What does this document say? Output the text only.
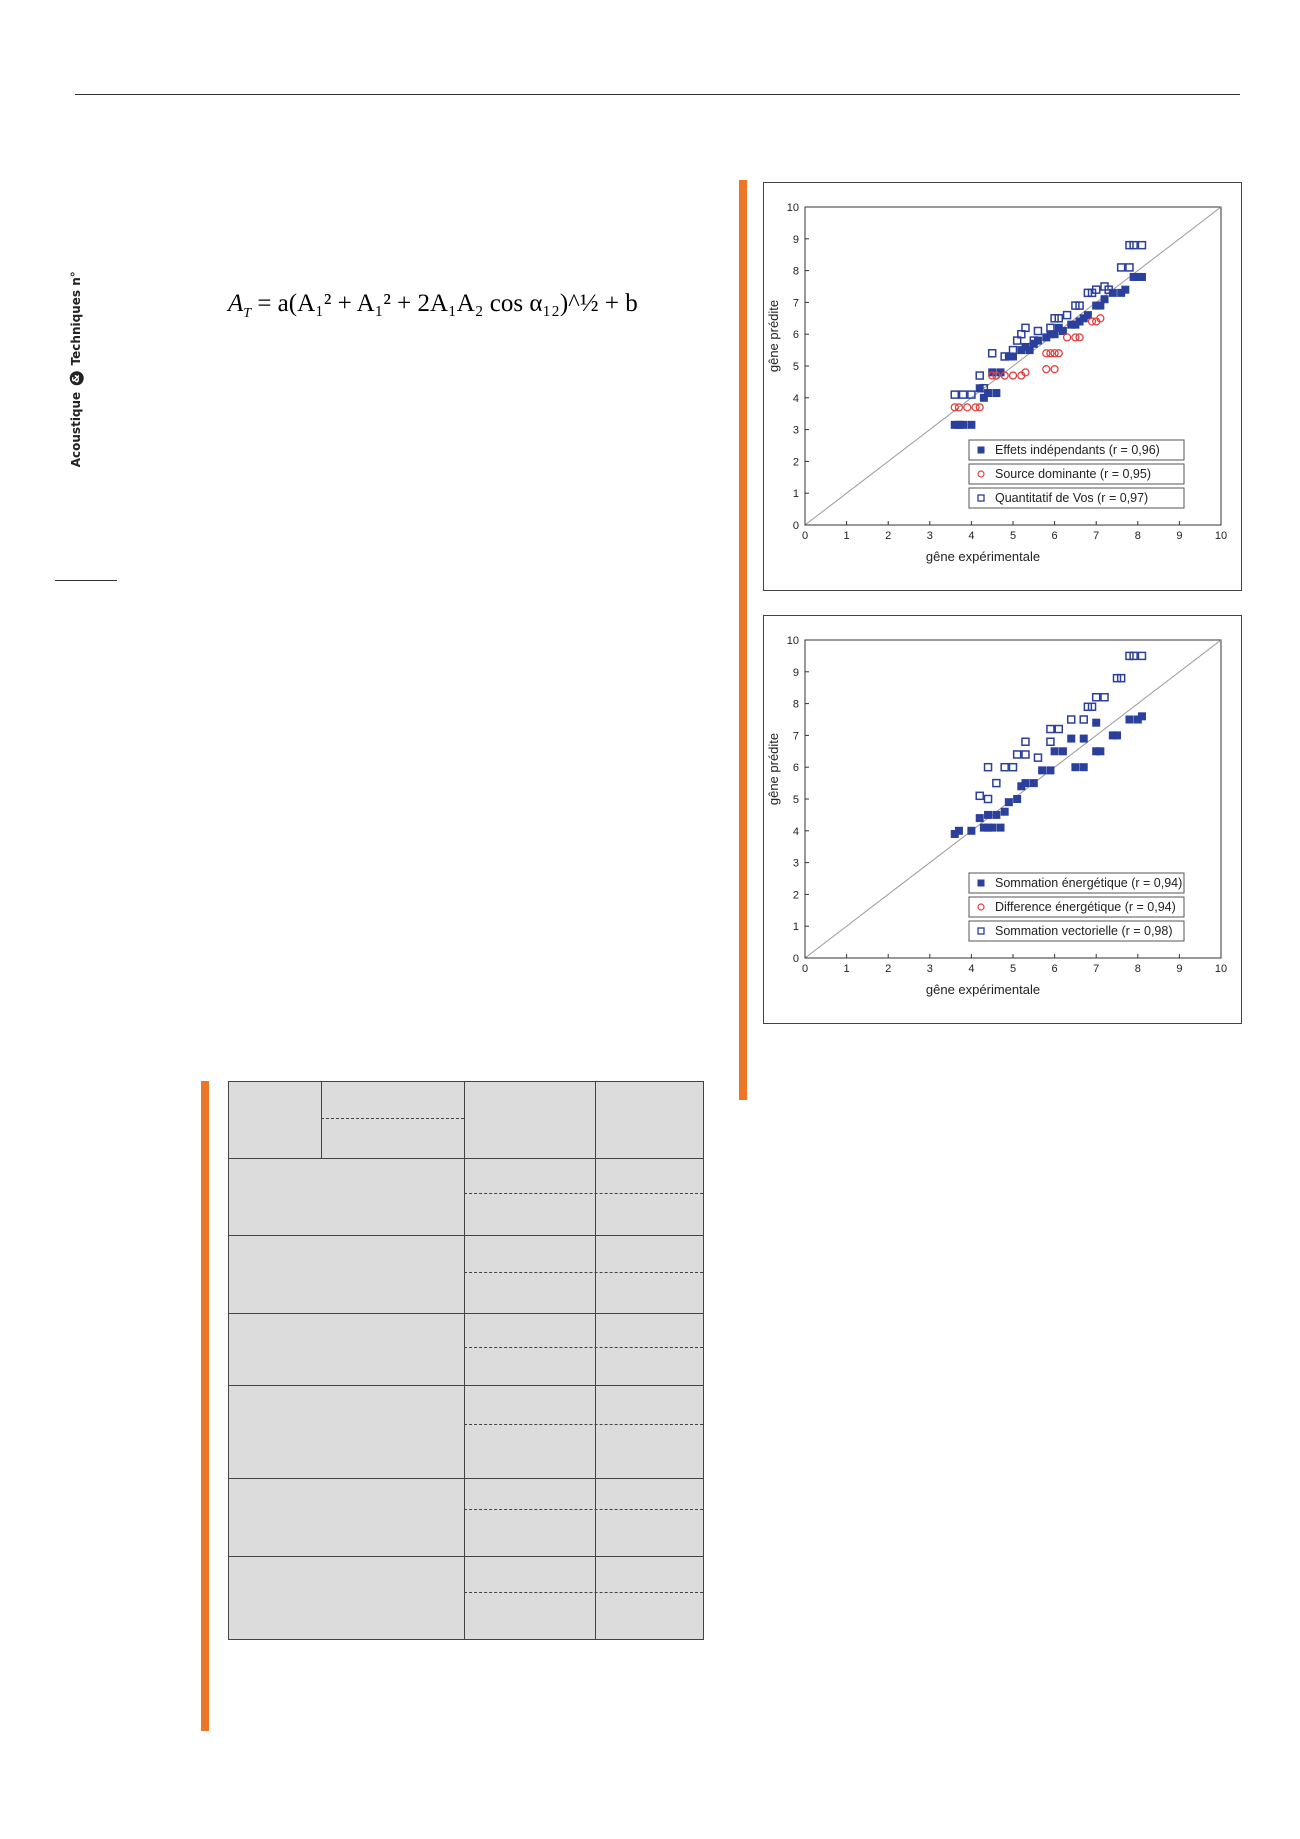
Acoustique & Techniques n°	$A_T = a(A_1^2 + A_1^2 + 2A_1A_2$ cos α₁₂)^½ + b
0	1	2	3	4	5	6	7	8	9	10
0
1
2
3
4
5
6
7
8
9
10
gêne expérimentale
gêne prédite
Effets indépendants (r = 0,96)
Source dominante (r = 0,95)
Quantitatif de Vos (r = 0,97)
0	1	2	3	4	5	6	7	8	9	10
0
1
2
3
4
5
6
7
8
9
10
gêne expérimentale
gêne prédite
Sommation énergétique (r = 0,94)
Difference énergétique (r = 0,94)
Sommation vectorielle (r = 0,98)
